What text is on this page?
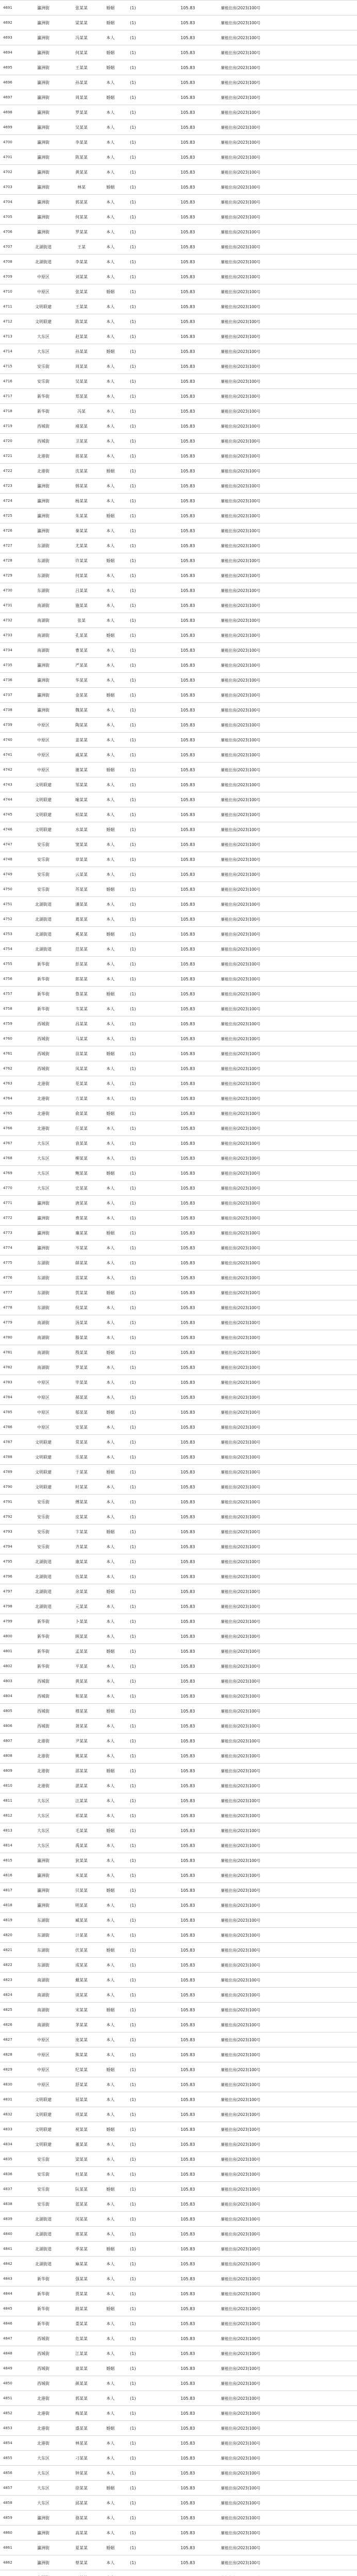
4691	瀛洲街	张某某		婚姻	(1)	105.83	廉租住房(2023)100号	
4692	瀛洲街	梁某某		婚姻	(1)	105.83	廉租住房(2023)100号	
4693	瀛洲街	冯某某		本人	(1)	105.83	廉租住房(2023)100号	
4694	瀛洲街	何某某		婚姻	(1)	105.83	廉租住房(2023)100号	
4695	瀛洲街	王某某		婚姻	(1)	105.83	廉租住房(2023)100号	
4696	瀛洲街	孙某某		本人	(1)	105.83	廉租住房(2023)100号	
4697	瀛洲街	周某某		婚姻	(1)	105.83	廉租住房(2023)100号	
4698	瀛洲街	罗某某		本人	(1)	105.83	廉租住房(2023)100号	
4699	瀛洲街	吴某某		本人	(1)	105.83	廉租住房(2023)100号	
4700	瀛洲街	李某某		本人	(1)	105.83	廉租住房(2023)100号	
4701	瀛洲街	陈某某		本人	(1)	105.83	廉租住房(2023)100号	
4702	瀛洲街	黄某某		本人	(1)	105.83	廉租住房(2023)100号	
4703	瀛洲街	林某		婚姻	(1)	105.83	廉租住房(2023)100号	
4704	瀛洲街	郭某某		本人	(1)	105.83	廉租住房(2023)100号	
4705	瀛洲街	何某某		本人	(1)	105.83	廉租住房(2023)100号	
4706	瀛洲街	罗某某		本人	(1)	105.83	廉租住房(2023)100号	
4707	北湖街道	王某		本人	(1)	105.83	廉租住房(2023)100号	
4708	北湖街道	李某某		本人	(1)	105.83	廉租住房(2023)100号	
4709	中原区	刘某某		本人	(1)	105.83	廉租住房(2023)100号	
4710	中原区	张某某		婚姻	(1)	105.83	廉租住房(2023)100号	
4711	文明联建	王某某		本人	(1)	105.83	廉租住房(2023)100号	
4712	文明联建	陈某某		本人	(1)	105.83	廉租住房(2023)100号	
4713	大东区	赵某某		本人	(1)	105.83	廉租住房(2023)100号	
4714	大东区	孙某某		婚姻	(1)	105.83	廉租住房(2023)100号	
4715	安乐街	周某某		本人	(1)	105.83	廉租住房(2023)100号	
4716	安乐街	吴某某		本人	(1)	105.83	廉租住房(2023)100号	
4717	新华街	郑某某		本人	(1)	105.83	廉租住房(2023)100号	
4718	新华街	冯某		本人	(1)	105.83	廉租住房(2023)100号	
4719	西城街	褚某某		本人	(1)	105.83	廉租住房(2023)100号	
4720	西城街	卫某某		本人	(1)	105.83	廉租住房(2023)100号	
4721	北港街	蒋某某		本人	(1)	105.83	廉租住房(2023)100号	
4722	北港街	沈某某		婚姻	(1)	105.83	廉租住房(2023)100号	
4723	瀛洲街	韩某某		本人	(1)	105.83	廉租住房(2023)100号	
4724	瀛洲街	杨某某		本人	(1)	105.83	廉租住房(2023)100号	
4725	瀛洲街	朱某某		婚姻	(1)	105.83	廉租住房(2023)100号	
4726	瀛洲街	秦某某		本人	(1)	105.83	廉租住房(2023)100号	
4727	东湖街	尤某某		本人	(1)	105.83	廉租住房(2023)100号	
4728	东湖街	许某某		婚姻	(1)	105.83	廉租住房(2023)100号	
4729	东湖街	何某某		本人	(1)	105.83	廉租住房(2023)100号	
4730	东湖街	吕某某		本人	(1)	105.83	廉租住房(2023)100号	
4731	南湖街	施某某		本人	(1)	105.83	廉租住房(2023)100号	
4732	南湖街	张某		本人	(1)	105.83	廉租住房(2023)100号	
4733	南湖街	孔某某		婚姻	(1)	105.83	廉租住房(2023)100号	
4734	南湖街	曹某某		本人	(1)	105.83	廉租住房(2023)100号	
4735	瀛洲街	严某某		本人	(1)	105.83	廉租住房(2023)100号	
4736	瀛洲街	华某某		本人	(1)	105.83	廉租住房(2023)100号	
4737	瀛洲街	金某某		婚姻	(1)	105.83	廉租住房(2023)100号	
4738	瀛洲街	魏某某		本人	(1)	105.83	廉租住房(2023)100号	
4739	中原区	陶某某		本人	(1)	105.83	廉租住房(2023)100号	
4740	中原区	姜某某		本人	(1)	105.83	廉租住房(2023)100号	
4741	中原区	戚某某		本人	(1)	105.83	廉租住房(2023)100号	
4742	中原区	谢某某		婚姻	(1)	105.83	廉租住房(2023)100号	
4743	文明联建	邹某某		本人	(1)	105.83	廉租住房(2023)100号	
4744	文明联建	喻某某		本人	(1)	105.83	廉租住房(2023)100号	
4745	文明联建	柏某某		本人	(1)	105.83	廉租住房(2023)100号	
4746	文明联建	水某某		婚姻	(1)	105.83	廉租住房(2023)100号	
4747	安乐街	窦某某		本人	(1)	105.83	廉租住房(2023)100号	
4748	安乐街	章某某		本人	(1)	105.83	廉租住房(2023)100号	
4749	安乐街	云某某		本人	(1)	105.83	廉租住房(2023)100号	
4750	安乐街	苏某某		婚姻	(1)	105.83	廉租住房(2023)100号	
4751	北湖街道	潘某某		本人	(1)	105.83	廉租住房(2023)100号	
4752	北湖街道	葛某某		本人	(1)	105.83	廉租住房(2023)100号	
4753	北湖街道	奚某某		婚姻	(1)	105.83	廉租住房(2023)100号	
4754	北湖街道	范某某		本人	(1)	105.83	廉租住房(2023)100号	
4755	新华街	彭某某		本人	(1)	105.83	廉租住房(2023)100号	
4756	新华街	郎某某		本人	(1)	105.83	廉租住房(2023)100号	
4757	新华街	鲁某某		婚姻	(1)	105.83	廉租住房(2023)100号	
4758	新华街	韦某某		本人	(1)	105.83	廉租住房(2023)100号	
4759	西城街	昌某某		本人	(1)	105.83	廉租住房(2023)100号	
4760	西城街	马某某		本人	(1)	105.83	廉租住房(2023)100号	
4761	西城街	苗某某		婚姻	(1)	105.83	廉租住房(2023)100号	
4762	西城街	凤某某		本人	(1)	105.83	廉租住房(2023)100号	
4763	北港街	花某某		本人	(1)	105.83	廉租住房(2023)100号	
4764	北港街	方某某		本人	(1)	105.83	廉租住房(2023)100号	
4765	北港街	俞某某		婚姻	(1)	105.83	廉租住房(2023)100号	
4766	北港街	任某某		本人	(1)	105.83	廉租住房(2023)100号	
4767	大东区	袁某某		本人	(1)	105.83	廉租住房(2023)100号	
4768	大东区	柳某某		本人	(1)	105.83	廉租住房(2023)100号	
4769	大东区	鲍某某		婚姻	(1)	105.83	廉租住房(2023)100号	
4770	大东区	史某某		本人	(1)	105.83	廉租住房(2023)100号	
4771	瀛洲街	唐某某		本人	(1)	105.83	廉租住房(2023)100号	
4772	瀛洲街	费某某		本人	(1)	105.83	廉租住房(2023)100号	
4773	瀛洲街	廉某某		婚姻	(1)	105.83	廉租住房(2023)100号	
4774	瀛洲街	岑某某		本人	(1)	105.83	廉租住房(2023)100号	
4775	东湖街	薛某某		本人	(1)	105.83	廉租住房(2023)100号	
4776	东湖街	雷某某		本人	(1)	105.83	廉租住房(2023)100号	
4777	东湖街	贺某某		婚姻	(1)	105.83	廉租住房(2023)100号	
4778	东湖街	倪某某		本人	(1)	105.83	廉租住房(2023)100号	
4779	南湖街	汤某某		本人	(1)	105.83	廉租住房(2023)100号	
4780	南湖街	滕某某		本人	(1)	105.83	廉租住房(2023)100号	
4781	南湖街	殷某某		婚姻	(1)	105.83	廉租住房(2023)100号	
4782	南湖街	罗某某		本人	(1)	105.83	廉租住房(2023)100号	
4783	中原区	毕某某		本人	(1)	105.83	廉租住房(2023)100号	
4784	中原区	郝某某		本人	(1)	105.83	廉租住房(2023)100号	
4785	中原区	邬某某		婚姻	(1)	105.83	廉租住房(2023)100号	
4786	中原区	安某某		本人	(1)	105.83	廉租住房(2023)100号	
4787	文明联建	常某某		本人	(1)	105.83	廉租住房(2023)100号	
4788	文明联建	乐某某		本人	(1)	105.83	廉租住房(2023)100号	
4789	文明联建	于某某		婚姻	(1)	105.83	廉租住房(2023)100号	
4790	文明联建	时某某		本人	(1)	105.83	廉租住房(2023)100号	
4791	安乐街	傅某某		本人	(1)	105.83	廉租住房(2023)100号	
4792	安乐街	皮某某		本人	(1)	105.83	廉租住房(2023)100号	
4793	安乐街	卞某某		婚姻	(1)	105.83	廉租住房(2023)100号	
4794	安乐街	齐某某		本人	(1)	105.83	廉租住房(2023)100号	
4795	北湖街道	康某某		本人	(1)	105.83	廉租住房(2023)100号	
4796	北湖街道	伍某某		本人	(1)	105.83	廉租住房(2023)100号	
4797	北湖街道	余某某		婚姻	(1)	105.83	廉租住房(2023)100号	
4798	北湖街道	元某某		本人	(1)	105.83	廉租住房(2023)100号	
4799	新华街	卜某某		本人	(1)	105.83	廉租住房(2023)100号	
4800	新华街	顾某某		本人	(1)	105.83	廉租住房(2023)100号	
4801	新华街	孟某某		婚姻	(1)	105.83	廉租住房(2023)100号	
4802	新华街	平某某		本人	(1)	105.83	廉租住房(2023)100号	
4803	西城街	黄某某		本人	(1)	105.83	廉租住房(2023)100号	
4804	西城街	和某某		本人	(1)	105.83	廉租住房(2023)100号	
4805	西城街	穆某某		婚姻	(1)	105.83	廉租住房(2023)100号	
4806	西城街	萧某某		本人	(1)	105.83	廉租住房(2023)100号	
4807	北港街	尹某某		本人	(1)	105.83	廉租住房(2023)100号	
4808	北港街	姚某某		本人	(1)	105.83	廉租住房(2023)100号	
4809	北港街	邵某某		婚姻	(1)	105.83	廉租住房(2023)100号	
4810	北港街	湛某某		本人	(1)	105.83	廉租住房(2023)100号	
4811	大东区	汪某某		本人	(1)	105.83	廉租住房(2023)100号	
4812	大东区	祁某某		本人	(1)	105.83	廉租住房(2023)100号	
4813	大东区	毛某某		婚姻	(1)	105.83	廉租住房(2023)100号	
4814	大东区	禹某某		本人	(1)	105.83	廉租住房(2023)100号	
4815	瀛洲街	狄某某		本人	(1)	105.83	廉租住房(2023)100号	
4816	瀛洲街	米某某		本人	(1)	105.83	廉租住房(2023)100号	
4817	瀛洲街	贝某某		婚姻	(1)	105.83	廉租住房(2023)100号	
4818	瀛洲街	明某某		本人	(1)	105.83	廉租住房(2023)100号	
4819	东湖街	臧某某		本人	(1)	105.83	廉租住房(2023)100号	
4820	东湖街	计某某		本人	(1)	105.83	廉租住房(2023)100号	
4821	东湖街	伏某某		婚姻	(1)	105.83	廉租住房(2023)100号	
4822	东湖街	成某某		本人	(1)	105.83	廉租住房(2023)100号	
4823	南湖街	戴某某		本人	(1)	105.83	廉租住房(2023)100号	
4824	南湖街	谈某某		本人	(1)	105.83	廉租住房(2023)100号	
4825	南湖街	宋某某		婚姻	(1)	105.83	廉租住房(2023)100号	
4826	南湖街	茅某某		本人	(1)	105.83	廉租住房(2023)100号	
4827	中原区	庞某某		本人	(1)	105.83	廉租住房(2023)100号	
4828	中原区	熊某某		本人	(1)	105.83	廉租住房(2023)100号	
4829	中原区	纪某某		婚姻	(1)	105.83	廉租住房(2023)100号	
4830	中原区	舒某某		本人	(1)	105.83	廉租住房(2023)100号	
4831	文明联建	屈某某		本人	(1)	105.83	廉租住房(2023)100号	
4832	文明联建	项某某		本人	(1)	105.83	廉租住房(2023)100号	
4833	文明联建	祝某某		婚姻	(1)	105.83	廉租住房(2023)100号	
4834	文明联建	董某某		本人	(1)	105.83	廉租住房(2023)100号	
4835	安乐街	梁某某		本人	(1)	105.83	廉租住房(2023)100号	
4836	安乐街	杜某某		本人	(1)	105.83	廉租住房(2023)100号	
4837	安乐街	阮某某		婚姻	(1)	105.83	廉租住房(2023)100号	
4838	安乐街	蓝某某		本人	(1)	105.83	廉租住房(2023)100号	
4839	北湖街道	闵某某		本人	(1)	105.83	廉租住房(2023)100号	
4840	北湖街道	席某某		本人	(1)	105.83	廉租住房(2023)100号	
4841	北湖街道	季某某		婚姻	(1)	105.83	廉租住房(2023)100号	
4842	北湖街道	麻某某		本人	(1)	105.83	廉租住房(2023)100号	
4843	新华街	强某某		本人	(1)	105.83	廉租住房(2023)100号	
4844	新华街	贾某某		本人	(1)	105.83	廉租住房(2023)100号	
4845	新华街	路某某		婚姻	(1)	105.83	廉租住房(2023)100号	
4846	新华街	娄某某		本人	(1)	105.83	廉租住房(2023)100号	
4847	西城街	危某某		本人	(1)	105.83	廉租住房(2023)100号	
4848	西城街	江某某		本人	(1)	105.83	廉租住房(2023)100号	
4849	西城街	童某某		婚姻	(1)	105.83	廉租住房(2023)100号	
4850	西城街	颜某某		本人	(1)	105.83	廉租住房(2023)100号	
4851	北港街	郭某某		本人	(1)	105.83	廉租住房(2023)100号	
4852	北港街	梅某某		本人	(1)	105.83	廉租住房(2023)100号	
4853	北港街	盛某某		婚姻	(1)	105.83	廉租住房(2023)100号	
4854	北港街	林某某		本人	(1)	105.83	廉租住房(2023)100号	
4855	大东区	刁某某		本人	(1)	105.83	廉租住房(2023)100号	
4856	大东区	钟某某		本人	(1)	105.83	廉租住房(2023)100号	
4857	大东区	徐某某		婚姻	(1)	105.83	廉租住房(2023)100号	
4858	大东区	邱某某		本人	(1)	105.83	廉租住房(2023)100号	
4859	瀛洲街	骆某某		本人	(1)	105.83	廉租住房(2023)100号	
4860	瀛洲街	高某某		本人	(1)	105.83	廉租住房(2023)100号	
4861	瀛洲街	夏某某		婚姻	(1)	105.83	廉租住房(2023)100号	
4862	瀛洲街	蔡某某		本人	(1)	105.83	廉租住房(2023)100号	
